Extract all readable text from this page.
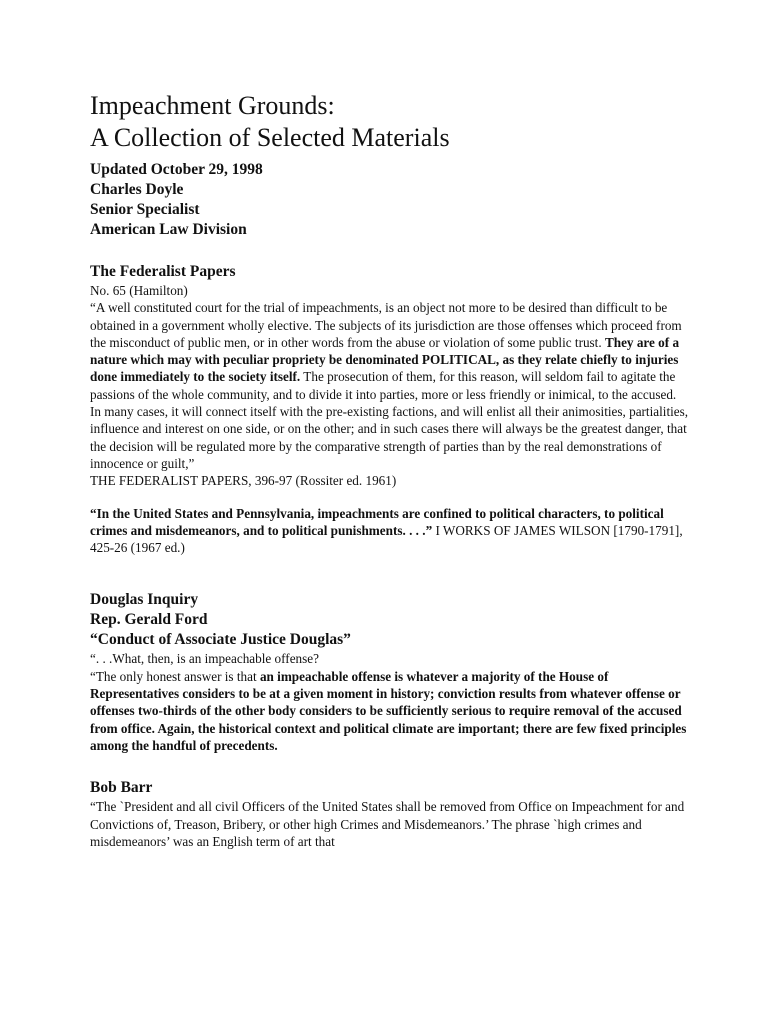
Impeachment Grounds:
A Collection of Selected Materials
Updated October 29, 1998
Charles Doyle
Senior Specialist
American Law Division
The Federalist Papers

No. 65 (Hamilton)

“A well constituted court for the trial of impeachments, is an object not more to be desired than difficult to be obtained in a government wholly elective. The subjects of its jurisdiction are those offenses which proceed from the misconduct of public men, or in other words from the abuse or violation of some public trust. They are of a nature which may with peculiar propriety be denominated POLITICAL, as they relate chiefly to injuries done immediately to the society itself. The prosecution of them, for this reason, will seldom fail to agitate the passions of the whole community, and to divide it into parties, more or less friendly or inimical, to the accused. In many cases, it will connect itself with the pre-existing factions, and will enlist all their animosities, partialities, influence and interest on one side, or on the other; and in such cases there will always be the greatest danger, that the decision will be regulated more by the comparative strength of parties than by the real demonstrations of innocence or guilt,”

THE FEDERALIST PAPERS, 396-97 (Rossiter ed. 1961)

“In the United States and Pennsylvania, impeachments are confined to political characters, to political crimes and misdemeanors, and to political punishments. . . .” I WORKS OF JAMES WILSON [1790-1791], 425-26 (1967 ed.)

Douglas Inquiry
Rep. Gerald Ford
“Conduct of Associate Justice Douglas”

“. . .What, then, is an impeachable offense?

“The only honest answer is that an impeachable offense is whatever a majority of the House of Representatives considers to be at a given moment in history; conviction results from whatever offense or offenses two-thirds of the other body considers to be sufficiently serious to require removal of the accused from office. Again, the historical context and political climate are important; there are few fixed principles among the handful of precedents.

Bob Barr

“The `President and all civil Officers of the United States shall be removed from Office on Impeachment for and Convictions of, Treason, Bribery, or other high Crimes and Misdemeanors.’ The phrase `high crimes and misdemeanors’ was an English term of art that
